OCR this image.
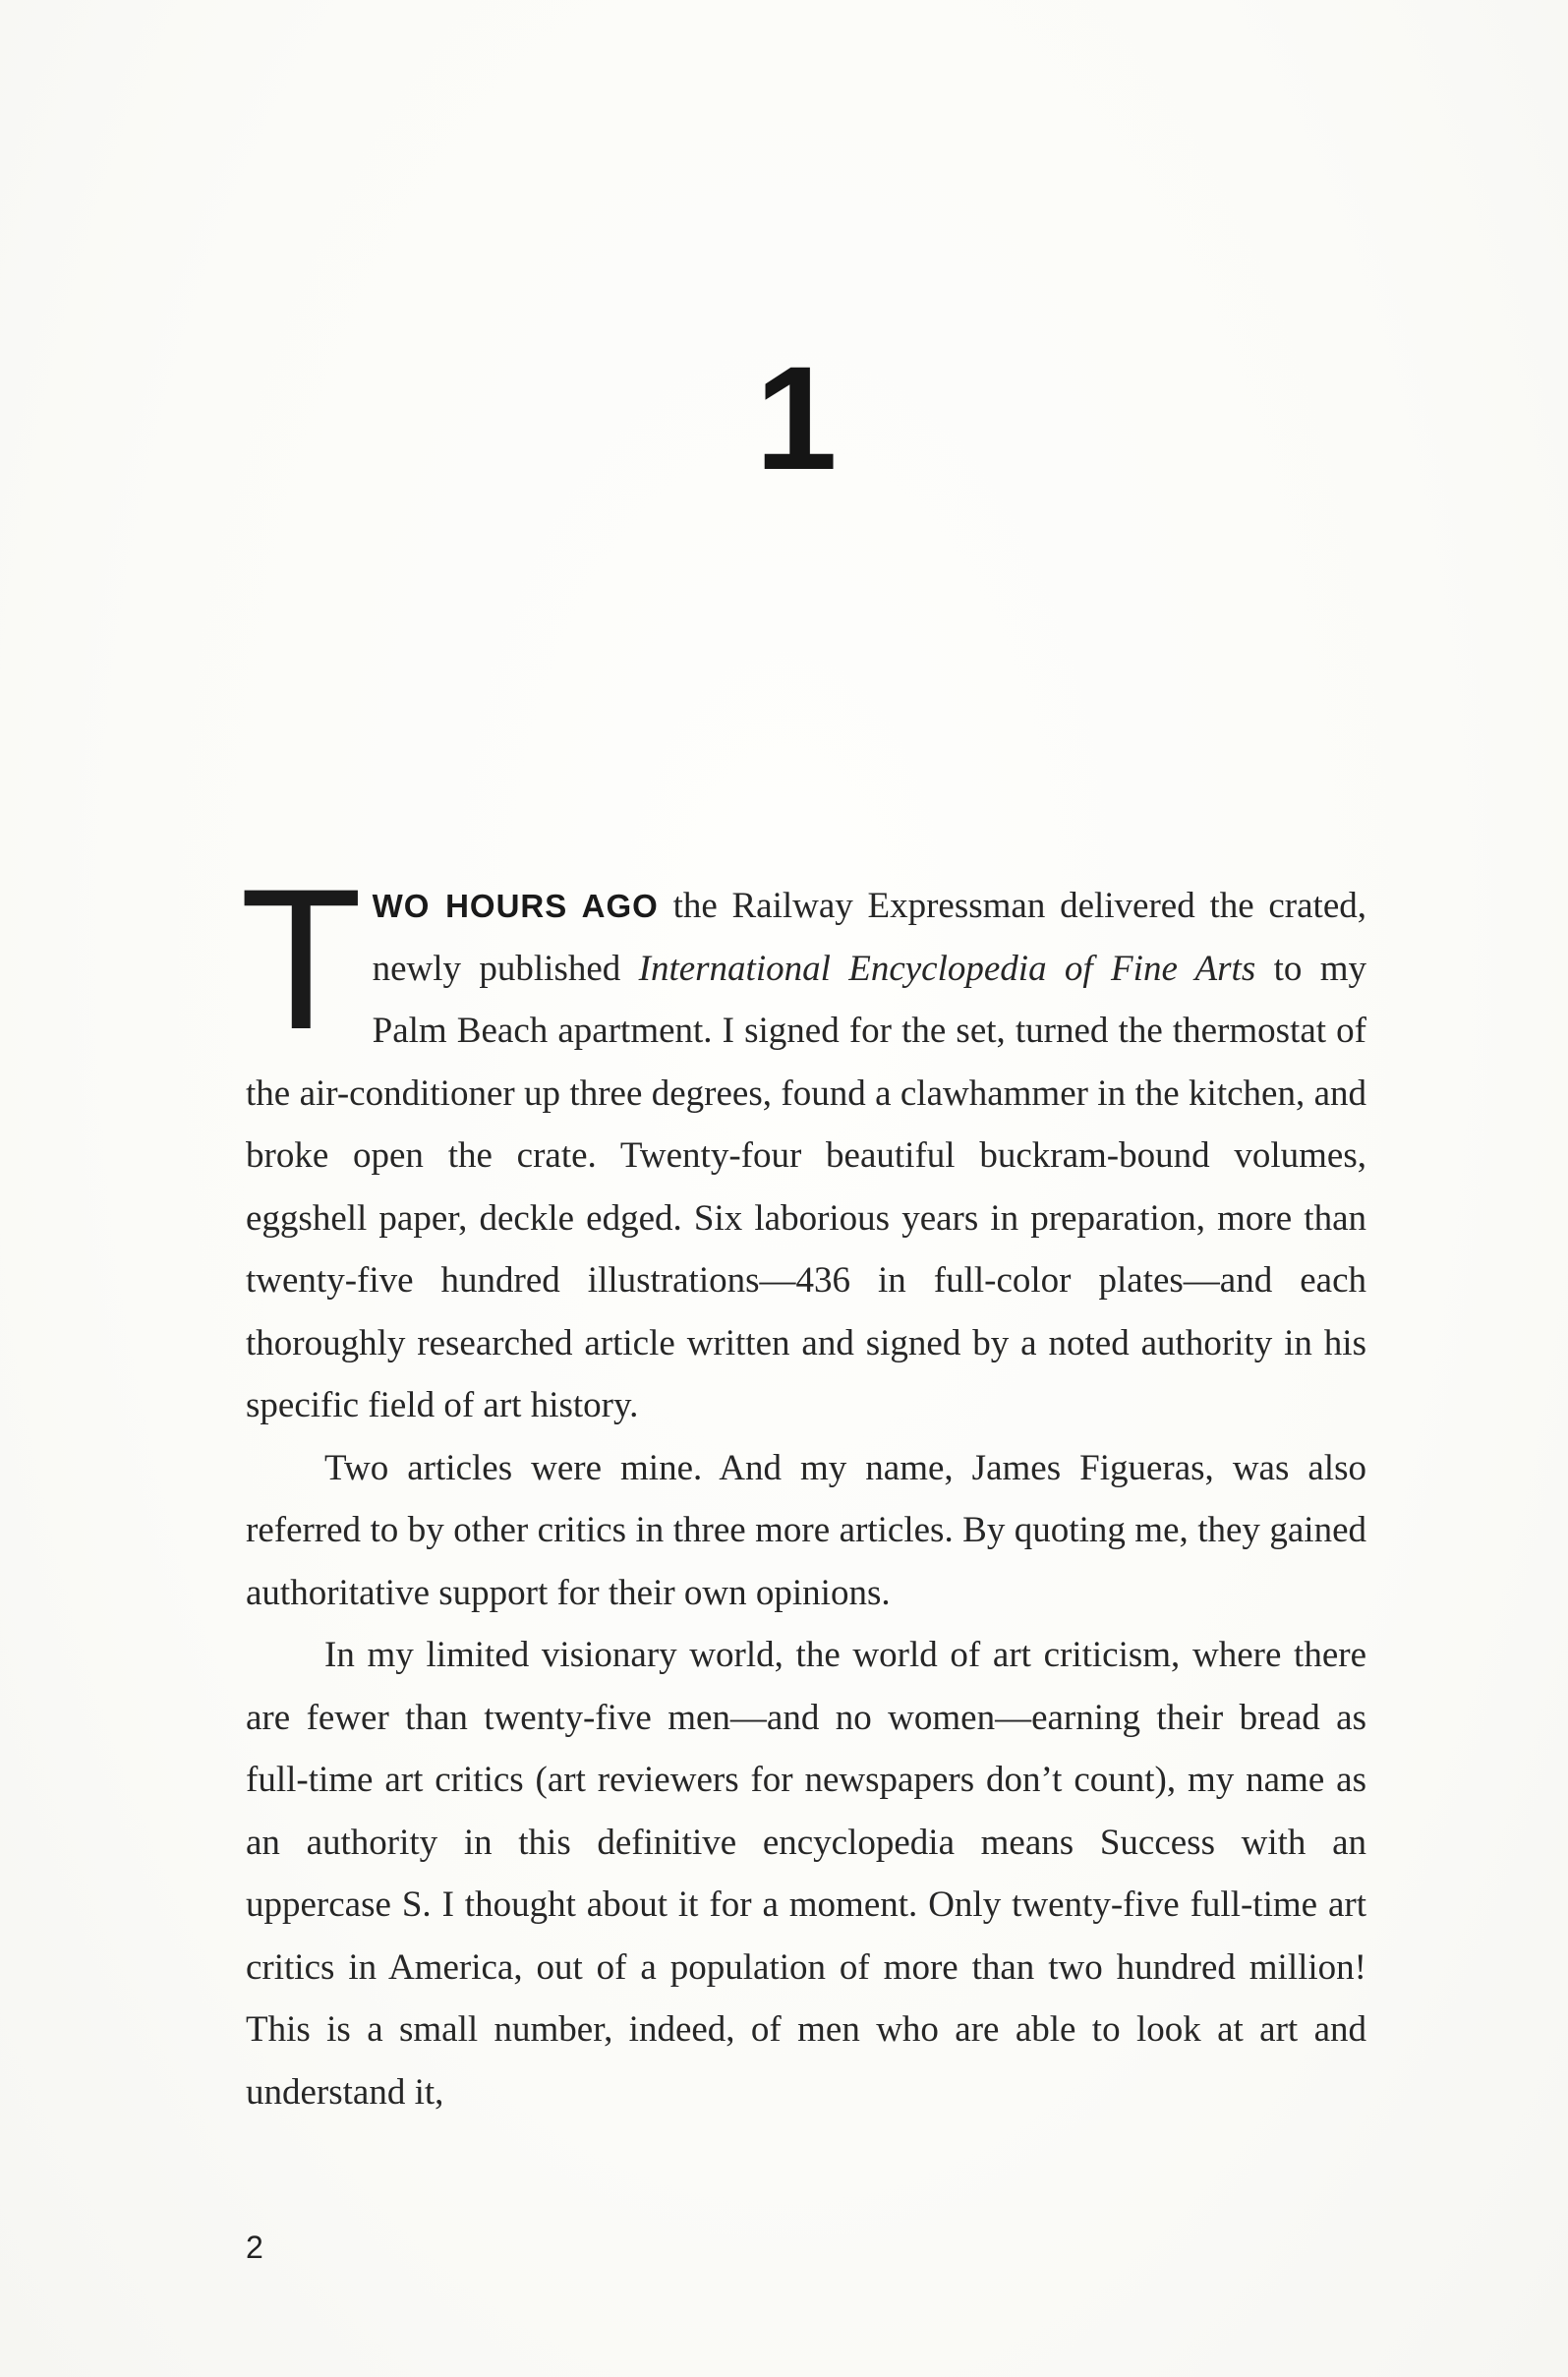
1

TWO HOURS AGO the Railway Expressman delivered the crated, newly published International Encyclopedia of Fine Arts to my Palm Beach apartment. I signed for the set, turned the thermostat of the air-conditioner up three degrees, found a clawhammer in the kitchen, and broke open the crate. Twenty-four beautiful buckram-bound volumes, eggshell paper, deckle edged. Six laborious years in preparation, more than twenty-five hundred illustrations—436 in full-color plates—and each thoroughly researched article written and signed by a noted authority in his specific field of art history.

Two articles were mine. And my name, James Figueras, was also referred to by other critics in three more articles. By quoting me, they gained authoritative support for their own opinions.

In my limited visionary world, the world of art criticism, where there are fewer than twenty-five men—and no women—earning their bread as full-time art critics (art reviewers for newspapers don’t count), my name as an authority in this definitive encyclopedia means Success with an uppercase S. I thought about it for a moment. Only twenty-five full-time art critics in America, out of a population of more than two hundred million! This is a small number, indeed, of men who are able to look at art and understand it,

2
